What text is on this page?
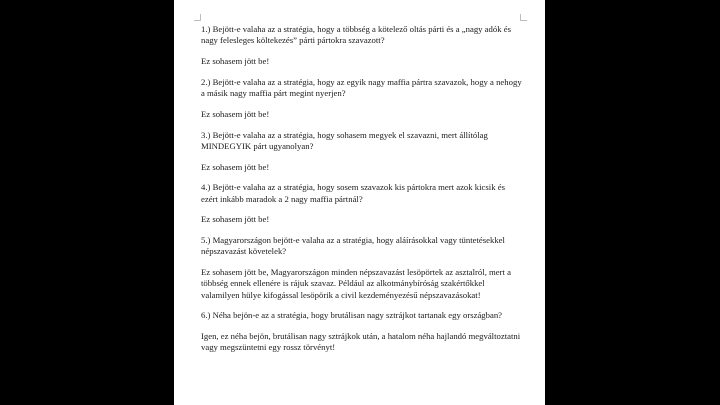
1.) Bejött-e valaha az a stratégia, hogy a többség a kötelező oltás párti és a „nagy adók és nagy felesleges költekezés” párti pártokra szavazott?

Ez sohasem jött be!

2.) Bejött-e valaha az a stratégia, hogy az egyik nagy maffia pártra szavazok, hogy a nehogy a másik nagy maffia párt megint nyerjen?

Ez sohasem jött be!

3.) Bejött-e valaha az a stratégia, hogy sohasem megyek el szavazni, mert állítólag MINDEGYIK párt ugyanolyan?

Ez sohasem jött be!

4.) Bejött-e valaha az a stratégia, hogy sosem szavazok kis pártokra mert azok kicsik és ezért inkább maradok a 2 nagy maffia pártnál?

Ez sohasem jött be!

5.) Magyarországon bejött-e valaha az a stratégia, hogy aláírásokkal vagy tüntetésekkel népszavazást követelek?

Ez sohasem jött be, Magyarországon minden népszavazást lesöpörtek az asztalról, mert a többség ennek ellenére is rájuk szavaz. Például az alkotmánybíróság szakértőkkel valamilyen hülye kifogással lesöpörik a civil kezdeményezésű népszavazásokat!

6.) Néha bejön-e az a stratégia, hogy brutálisan nagy sztrájkot tartanak egy országban?

Igen, ez néha bejön, brutálisan nagy sztrájkok után, a hatalom néha hajlandó megváltoztatni vagy megszüntetni egy rossz törvényt!
